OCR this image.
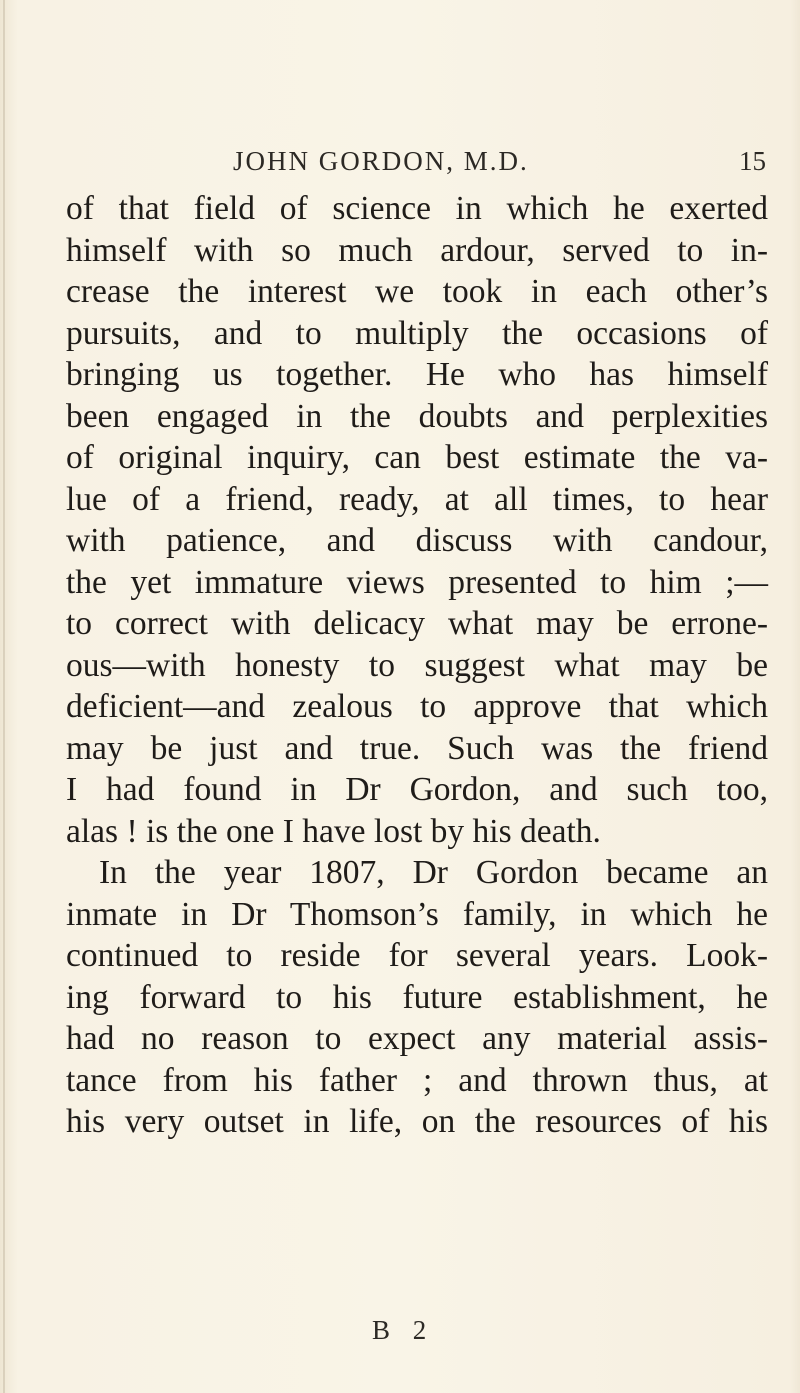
JOHN GORDON, M.D.	15
of that field of science in which he exerted
himself with so much ardour, served to in-
crease the interest we took in each other’s
pursuits, and to multiply the occasions of
bringing us together. He who has himself
been engaged in the doubts and perplexities
of original inquiry, can best estimate the va-
lue of a friend, ready, at all times, to hear
with patience, and discuss with candour,
the yet immature views presented to him ;—
to correct with delicacy what may be errone-
ous—with honesty to suggest what may be
deficient—and zealous to approve that which
may be just and true. Such was the friend
I had found in Dr Gordon, and such too,
alas ! is the one I have lost by his death.
In the year 1807, Dr Gordon became an
inmate in Dr Thomson’s family, in which he
continued to reside for several years. Look-
ing forward to his future establishment, he
had no reason to expect any material assis-
tance from his father ; and thrown thus, at
his very outset in life, on the resources of his
B 2
